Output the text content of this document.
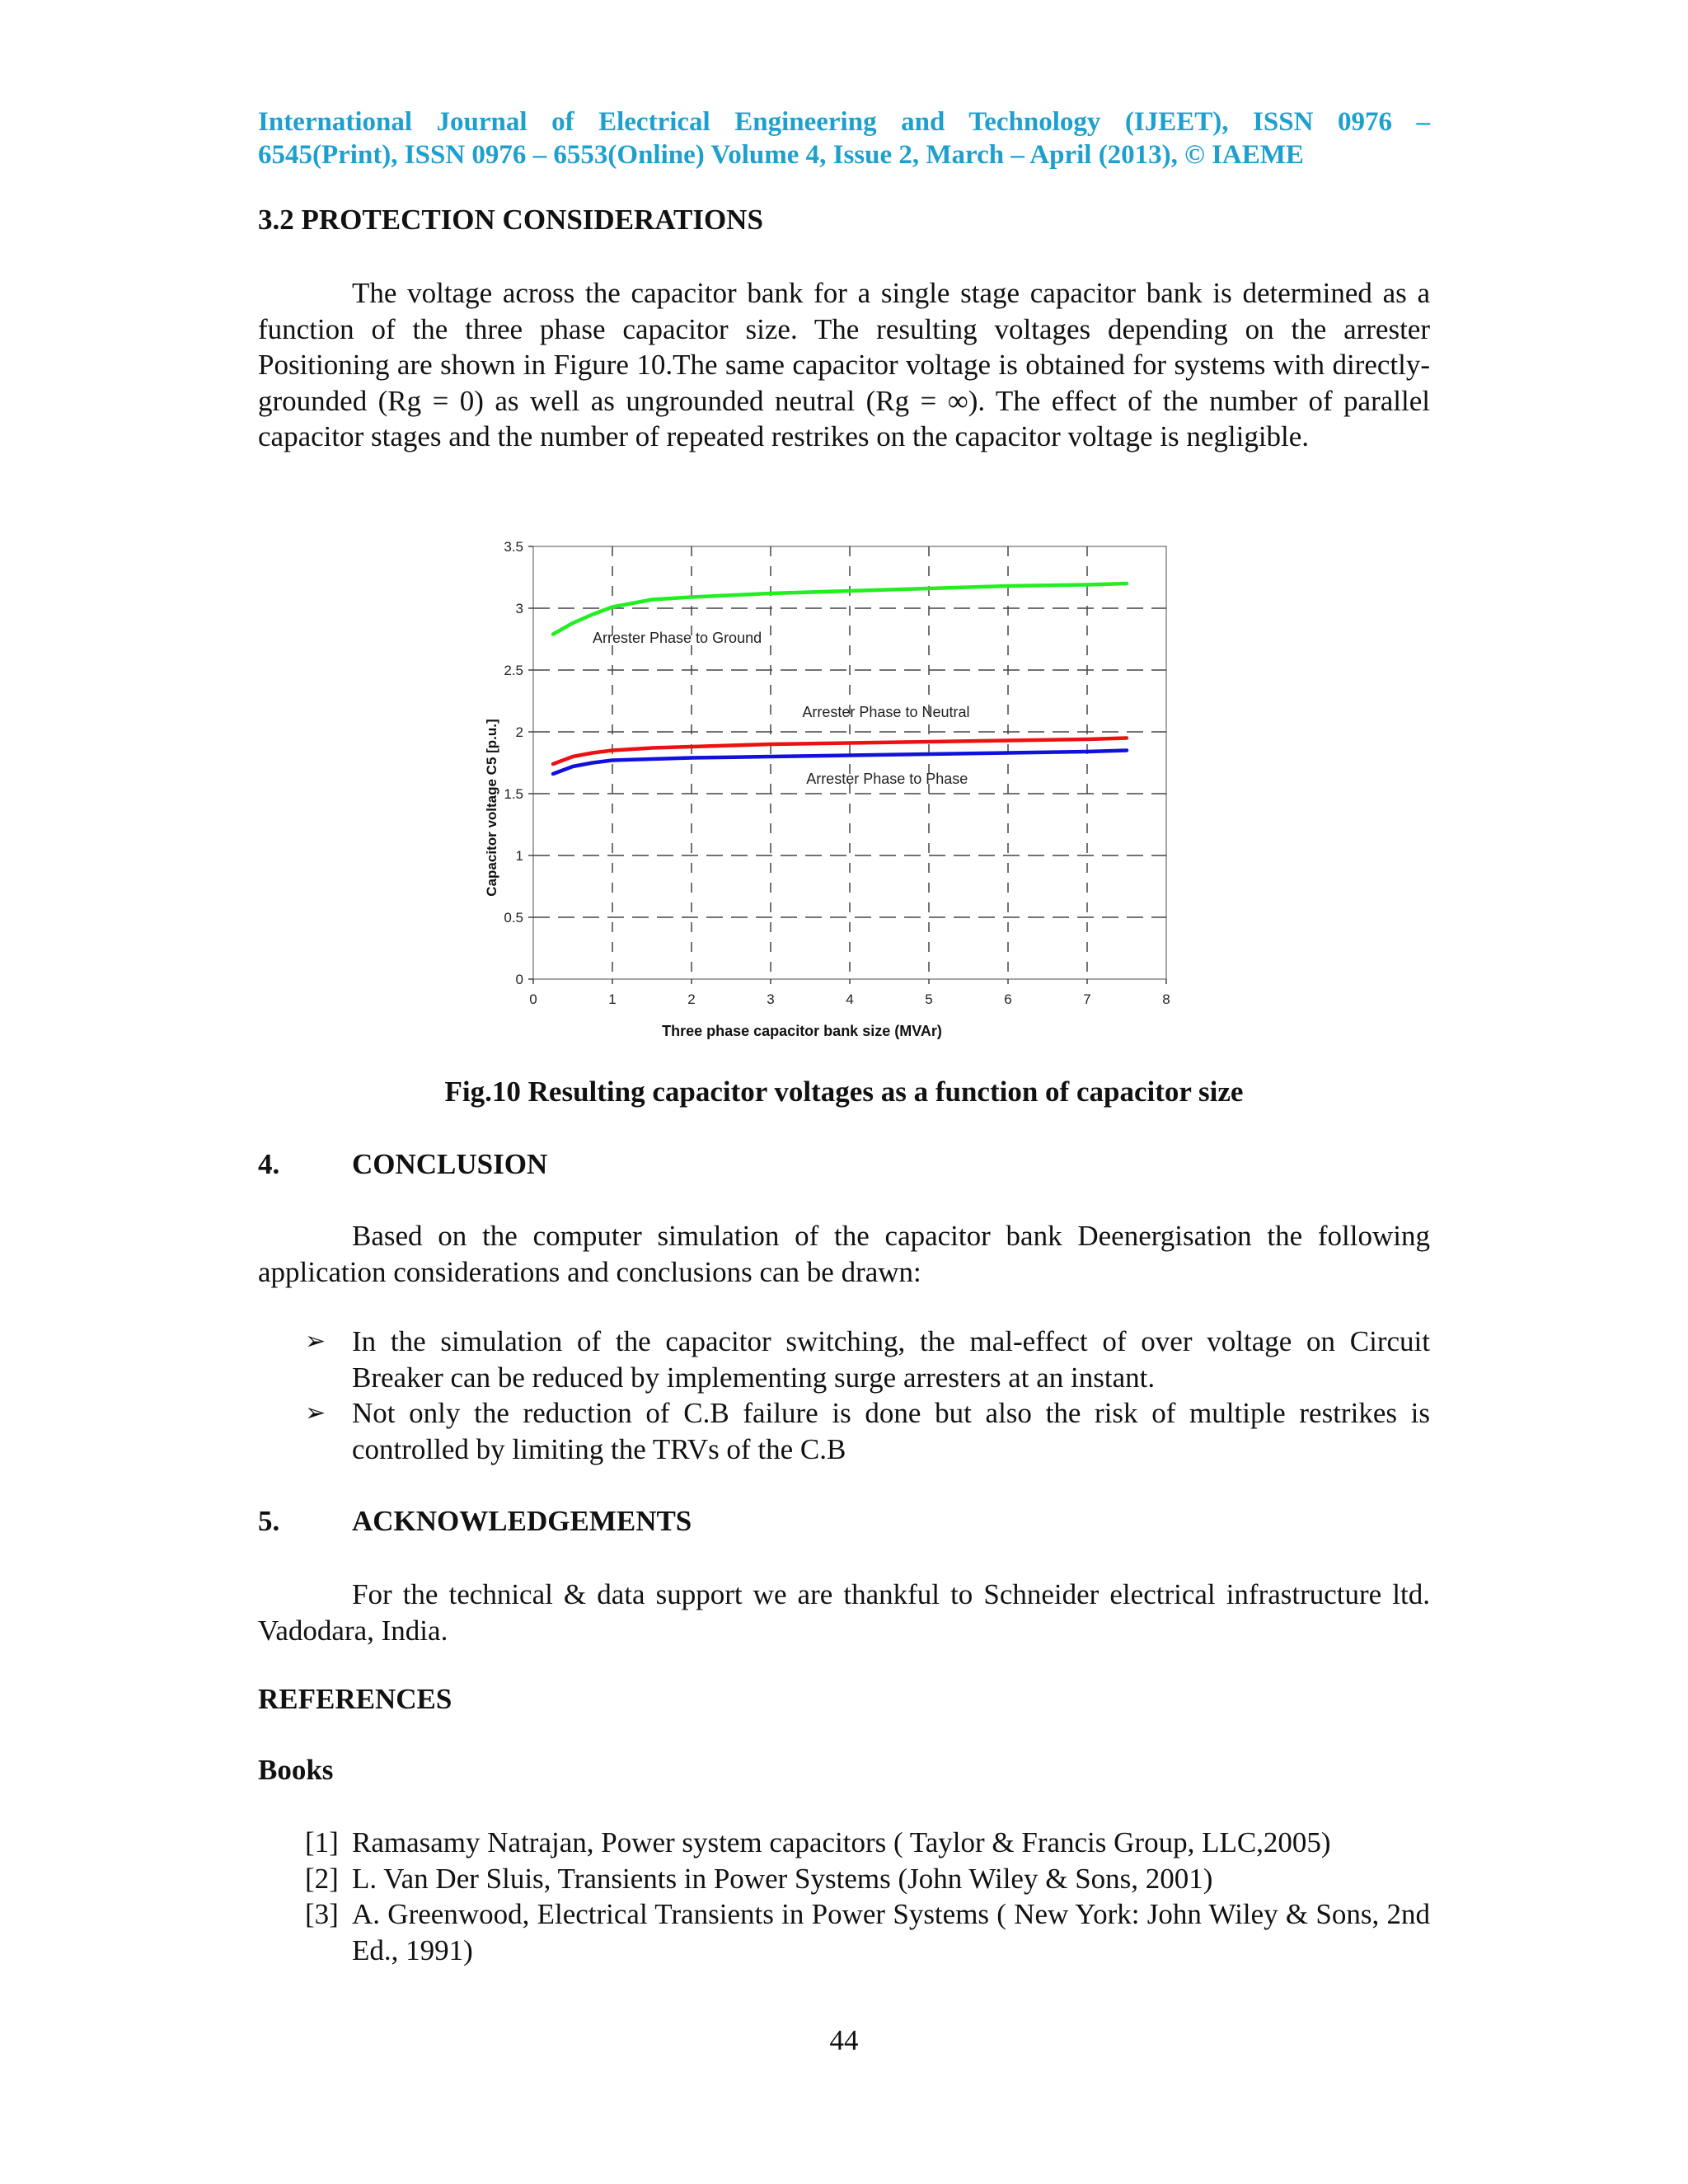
International Journal of Electrical Engineering and Technology (IJEET), ISSN 0976 –
6545(Print), ISSN 0976 – 6553(Online) Volume 4, Issue 2, March – April (2013), © IAEME
3.2 PROTECTION CONSIDERATIONS
The voltage across the capacitor bank for a single stage capacitor bank is determined as a function of the three phase capacitor size. The resulting voltages depending on the arrester Positioning are shown in Figure 10.The same capacitor voltage is obtained for systems with directly-grounded (Rg = 0) as well as ungrounded neutral (Rg = ∞). The effect of the number of parallel capacitor stages and the number of repeated restrikes on the capacitor voltage is negligible.
0	1	2	3	4	5	6	7	8
0
0.5
1
1.5
2
2.5
3
3.5
Arrester Phase to Ground
Arrester Phase to Neutral
Arrester Phase to Phase
Three phase capacitor bank size (MVAr)
Capacitor voltage C5 [p.u.]
Fig.10 Resulting capacitor voltages as a function of capacitor size
4.	CONCLUSION
Based on the computer simulation of the capacitor bank Deenergisation the following application considerations and conclusions can be drawn:
➢ In the simulation of the capacitor switching, the mal-effect of over voltage on Circuit Breaker can be reduced by implementing surge arresters at an instant.
➢ Not only the reduction of C.B failure is done but also the risk of multiple restrikes is controlled by limiting the TRVs of the C.B
5.	ACKNOWLEDGEMENTS
For the technical & data support we are thankful to Schneider electrical infrastructure ltd. Vadodara, India.
REFERENCES
Books
[1] Ramasamy Natrajan, Power system capacitors ( Taylor & Francis Group, LLC,2005)
[2] L. Van Der Sluis, Transients in Power Systems (John Wiley & Sons, 2001)
[3] A. Greenwood, Electrical Transients in Power Systems ( New York: John Wiley & Sons, 2nd Ed., 1991)
44
